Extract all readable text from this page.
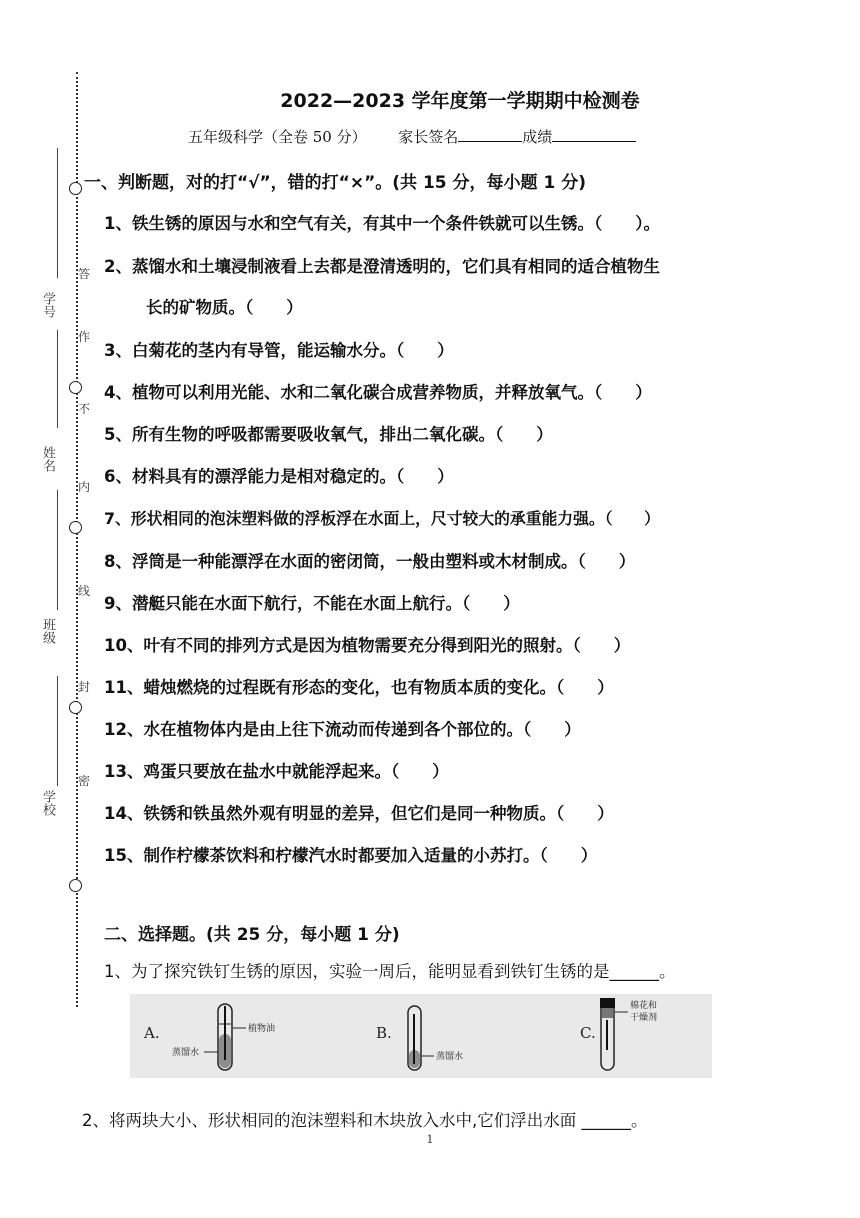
学号
姓名
班级
学校
答
作
不
内
线
封
密
2022—2023 学年度第一学期期中检测卷
五年级科学（全卷 50 分） 家长签名	成绩
一、判断题，对的打“√”，错的打“×”。(共 15 分，每小题 1 分)
1、铁生锈的原因与水和空气有关，有其中一个条件铁就可以生锈。（　　）。
2、蒸馏水和土壤浸制液看上去都是澄清透明的，它们具有相同的适合植物生
长的矿物质。（　　）
3、白菊花的茎内有导管，能运输水分。（　　）
4、植物可以利用光能、水和二氧化碳合成营养物质，并释放氧气。（　　）
5、所有生物的呼吸都需要吸收氧气，排出二氧化碳。（　　）
6、材料具有的漂浮能力是相对稳定的。（　　）
7、形状相同的泡沫塑料做的浮板浮在水面上，尺寸较大的承重能力强。（　　）
8、浮筒是一种能漂浮在水面的密闭筒，一般由塑料或木材制成。（　　）
9、潜艇只能在水面下航行，不能在水面上航行。（　　）
10、叶有不同的排列方式是因为植物需要充分得到阳光的照射。（　　）
11、蜡烛燃烧的过程既有形态的变化，也有物质本质的变化。（　　）
12、水在植物体内是由上往下流动而传递到各个部位的。（　　）
13、鸡蛋只要放在盐水中就能浮起来。（　　）
14、铁锈和铁虽然外观有明显的差异，但它们是同一种物质。（　　）
15、制作柠檬茶饮料和柠檬汽水时都要加入适量的小苏打。（　　）
二、选择题。(共 25 分，每小题 1 分)
1、为了探究铁钉生锈的原因，实验一周后，能明显看到铁钉生锈的是______。
A.	植物油
蒸馏水
B.
蒸馏水
C.
棉花和
干燥剂
2、将两块大小、形状相同的泡沫塑料和木块放入水中,它们浮出水面 ______。
1
